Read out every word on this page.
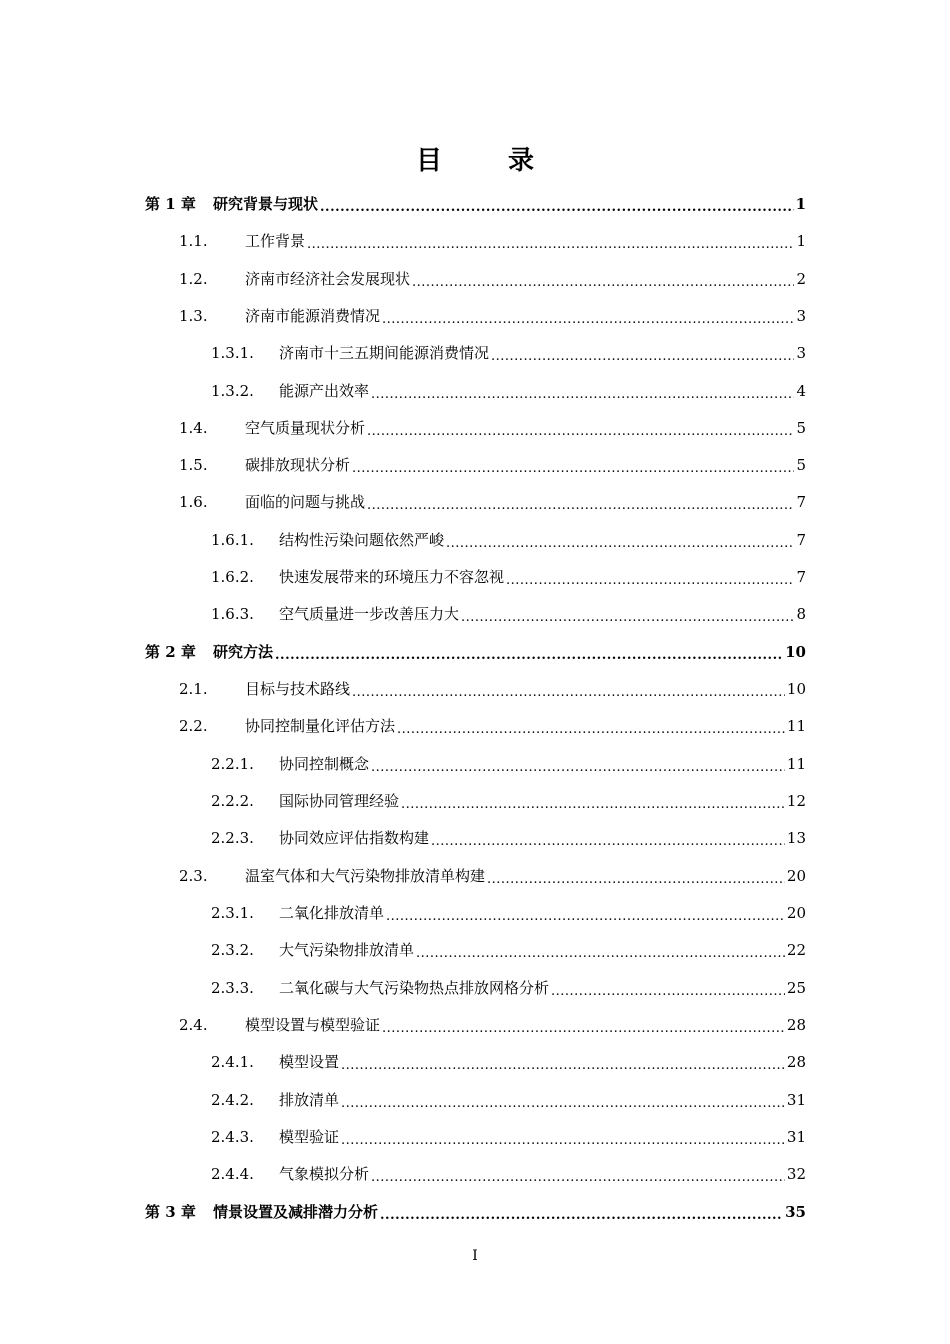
目　录
第 1 章	研究背景与现状 .....	1
1.1.	工作背景 .....	1
1.2.	济南市经济社会发展现状 .....	2
1.3.	济南市能源消费情况 .....	3
1.3.1.	济南市十三五期间能源消费情况 .....	3
1.3.2.	能源产出效率 .....	4
1.4.	空气质量现状分析 .....	5
1.5.	碳排放现状分析 .....	5
1.6.	面临的问题与挑战 .....	7
1.6.1.	结构性污染问题依然严峻 .....	7
1.6.2.	快速发展带来的环境压力不容忽视 .....	7
1.6.3.	空气质量进一步改善压力大 .....	8
第 2 章	研究方法 .....	10
2.1.	目标与技术路线 .....	10
2.2.	协同控制量化评估方法 .....	11
2.2.1.	协同控制概念 .....	11
2.2.2.	国际协同管理经验 .....	12
2.2.3.	协同效应评估指数构建 .....	13
2.3.	温室气体和大气污染物排放清单构建 .....	20
2.3.1.	二氧化排放清单 .....	20
2.3.2.	大气污染物排放清单 .....	22
2.3.3.	二氧化碳与大气污染物热点排放网格分析 .....	25
2.4.	模型设置与模型验证 .....	28
2.4.1.	模型设置 .....	28
2.4.2.	排放清单 .....	31
2.4.3.	模型验证 .....	31
2.4.4.	气象模拟分析 .....	32
第 3 章	情景设置及减排潜力分析 .....	35
I
